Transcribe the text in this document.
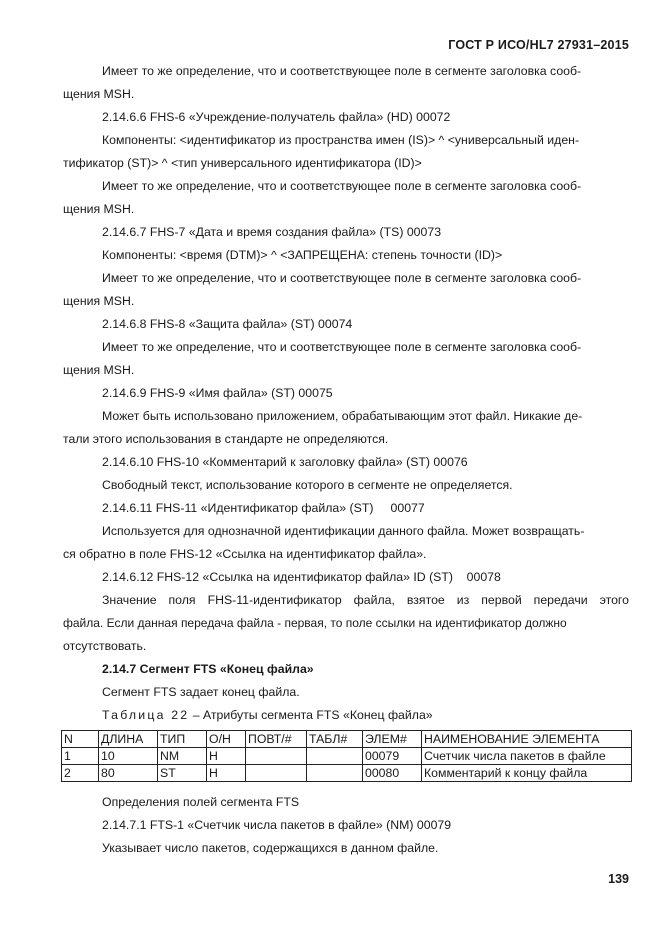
ГОСТ Р ИСО/HL7 27931–2015
Имеет то же определение, что и соответствующее поле в сегменте заголовка сооб-
щения MSH.
2.14.6.6 FHS-6 «Учреждение-получатель файла» (HD) 00072
Компоненты: <идентификатор из пространства имен (IS)> ^ <универсальный иден-
тификатор (ST)> ^ <тип универсального идентификатора (ID)>
Имеет то же определение, что и соответствующее поле в сегменте заголовка сооб-
щения MSH.
2.14.6.7 FHS-7 «Дата и время создания файла» (TS) 00073
Компоненты: <время (DTM)> ^ <ЗАПРЕЩЕНА: степень точности (ID)>
Имеет то же определение, что и соответствующее поле в сегменте заголовка сооб-
щения MSH.
2.14.6.8 FHS-8 «Защита файла» (ST) 00074
Имеет то же определение, что и соответствующее поле в сегменте заголовка сооб-
щения MSH.
2.14.6.9 FHS-9 «Имя файла» (ST) 00075
Может быть использовано приложением, обрабатывающим этот файл. Никакие де-
тали этого использования в стандарте не определяются.
2.14.6.10 FHS-10 «Комментарий к заголовку файла» (ST) 00076
Свободный текст, использование которого в сегменте не определяется.
2.14.6.11 FHS-11 «Идентификатор файла» (ST)     00077
Используется для однозначной идентификации данного файла. Может возвращать-
ся обратно в поле FHS-12 «Ссылка на идентификатор файла».
2.14.6.12 FHS-12 «Ссылка на идентификатор файла» ID (ST)    00078
Значение поля FHS-11-идентификатор файла, взятое из первой передачи этого
файла. Если данная передача файла - первая, то поле ссылки на идентификатор должно
отсутствовать.
2.14.7 Сегмент FTS «Конец файла»
Сегмент FTS задает конец файла.
Таблица 22 – Атрибуты сегмента FTS «Конец файла»
N	ДЛИНА	ТИП	О/Н	ПОВТ/#	ТАБЛ#	ЭЛЕМ#	НАИМЕНОВАНИЕ ЭЛЕМЕНТА
1	10	NM	H			00079	Счетчик числа пакетов в файле
2	80	ST	H			00080	Комментарий к концу файла
Определения полей сегмента FTS
2.14.7.1 FTS-1 «Счетчик числа пакетов в файле» (NM) 00079
Указывает число пакетов, содержащихся в данном файле.
139
